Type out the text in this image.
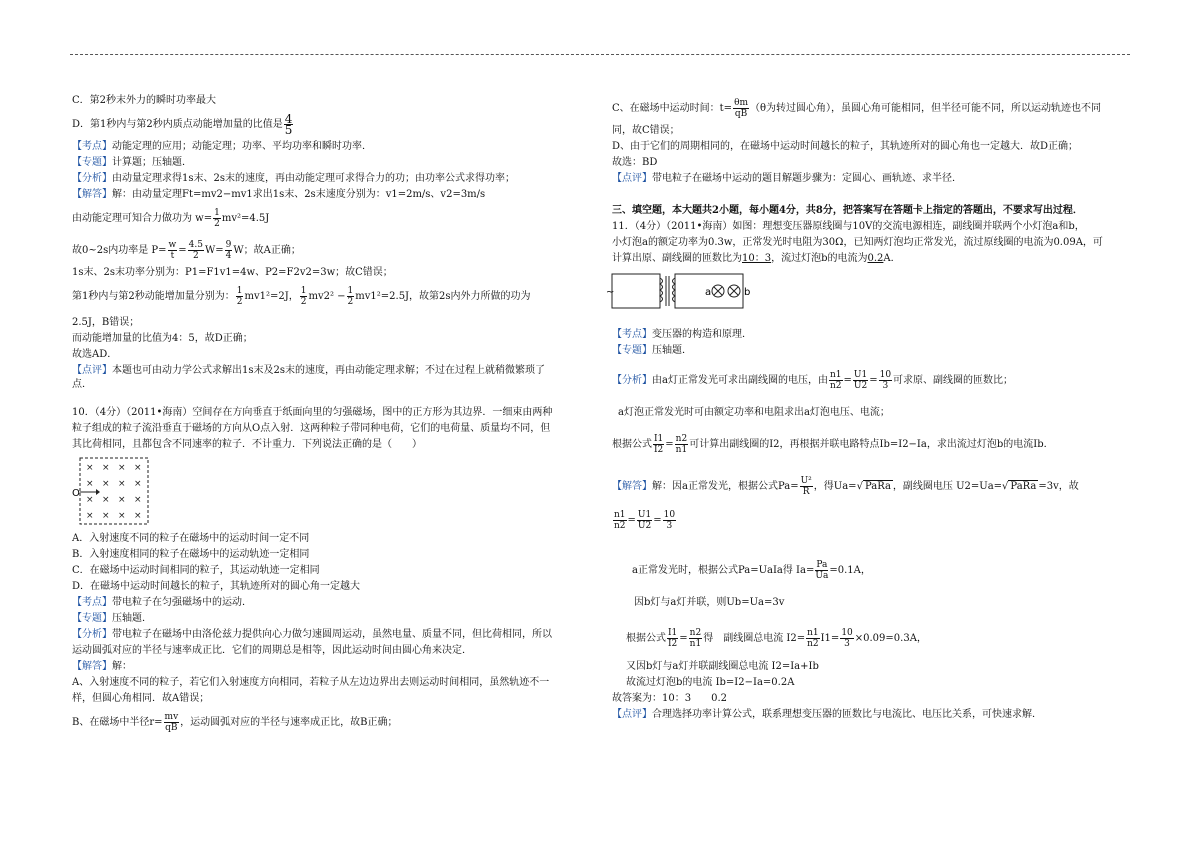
C．第2秒末外力的瞬时功率最大
D．第1秒内与第2秒内质点动能增加量的比值是 $\frac{4}{5}$
【考点】动能定理的应用；动能定理；功率、平均功率和瞬时功率．
【专题】计算题；压轴题．
【分析】由动量定理求得1s末、2s末的速度，再由动能定理可求得合力的功；由功率公式求得功率；
【解答】解：由动量定理Ft=mv2−mv1求出1s末、2s末速度分别为：v1=2m/s、v2=3m/s
由动能定理可知合力做功为 $w= \frac{1}{2} mv^2=4.5J$
故0~2s内功率是 $P= \frac{w}{t} = \frac{4.5}{2} W= \frac{9}{4}$ W；故A正确；
1s末、2s末功率分别为：P1=F1v1=4w、P2=F2v2=3w；故C错误；
第1秒内与第2秒动能增加量分别为： $\frac{1}{2} mv1^2=2J$， $\frac{1}{2} mv2^2 - \frac{1}{2} mv1^2=2.5J$，故第2s内外力所做的功为
2.5J，B错误；
而动能增加量的比值为4：5，故D正确；
故选AD．
【点评】本题也可由动力学公式求解出1s末及2s末的速度，再由动能定理求解；不过在过程上就稍微繁琐了
点．
10．（4分）（2011•海南）空间存在方向垂直于纸面向里的匀强磁场，图中的正方形为其边界．一细束由两种
粒子组成的粒子流沿垂直于磁场的方向从O点入射．这两种粒子带同种电荷，它们的电荷量、质量均不同，但
其比荷相同，且都包含不同速率的粒子．不计重力．下列说法正确的是（　　）
× × × ×
× × × ×
× × × ×
× × × ×
O
A．入射速度不同的粒子在磁场中的运动时间一定不同
B．入射速度相同的粒子在磁场中的运动轨迹一定相同
C．在磁场中运动时间相同的粒子，其运动轨迹一定相同
D．在磁场中运动时间越长的粒子，其轨迹所对的圆心角一定越大
【考点】带电粒子在匀强磁场中的运动．
【专题】压轴题．
【分析】带电粒子在磁场中由洛伦兹力提供向心力做匀速圆周运动，虽然电量、质量不同，但比荷相同，所以
运动圆弧对应的半径与速率成正比．它们的周期总是相等，因此运动时间由圆心角来决定．
【解答】解：
A、入射速度不同的粒子，若它们入射速度方向相同，若粒子从左边边界出去则运动时间相同，虽然轨迹不一
样，但圆心角相同．故A错误；
B、在磁场中半径$r= \frac{mv}{qB}$ ，运动圆弧对应的半径与速率成正比，故B正确；
C、在磁场中运动时间：$t= \frac{\theta m}{qB} (\theta$为转过圆心角），虽圆心角可能相同，但半径可能不同，所以运动轨迹也不同
同，故C错误；
D、由于它们的周期相同的，在磁场中运动时间越长的粒子，其轨迹所对的圆心角也一定越大．故D正确；
故选：BD
【点评】带电粒子在磁场中运动的题目解题步骤为：定圆心、画轨迹、求半径．
三、填空题，本大题共2小题，每小题4分，共8分，把答案写在答题卡上指定的答题出，不要求写出过程．
11．（4分）（2011•海南）如图：理想变压器原线圈与10V的交流电源相连，副线圈并联两个小灯泡a和b，
小灯泡a的额定功率为0.3w，正常发光时电阻为30Ω，已知两灯泡均正常发光，流过原线圈的电流为0.09A，可
计算出原、副线圈的匝数比为10：3，流过灯泡b的电流为0.2A．
~	a	b
【考点】变压器的构造和原理．
【专题】压轴题．
【分析】由a灯正常发光可求出副线圈的电压，由 $\frac{n1}{n2} = \frac{U1}{U2} = \frac{10}{3}$ 可求原、副线圈的匝数比；
a灯泡正常发光时可由额定功率和电阻求出a灯泡电压、电流；
根据公式 $\frac{I1}{I2} = \frac{n2}{n1}$ 可计算出副线圈的I2，再根据并联电路特点Ib=I2−Ia，求出流过灯泡b的电流Ib．
【解答】解：因a正常发光，根据公式$Pa= \frac{\text{U²}}{R}$ ，得Ua=√ PaRa ，副线圈电压 U2=Ua=√ PaRa =3v，故
$\frac{n1}{n2} = \frac{U1}{U2} = \frac{10}{3}$
a正常发光时，根据公式Pa=UaIa得 $Ia= \frac{Pa}{Ua} =0.1A$，
因b灯与a灯并联，则Ub=Ua=3v
根据公式 $\frac{I1}{I2} = \frac{n2}{n1}$ 得　副线圈总电流 $I2= \frac{n1}{n2} I1= \frac{10}{3} \times 0.09=0.3A$，
又因b灯与a灯并联副线圈总电流 I2=Ia+Ib
故流过灯泡b的电流 Ib=I2−Ia=0.2A
故答案为：10：3　　0.2
【点评】合理选择功率计算公式，联系理想变压器的匝数比与电流比、电压比关系，可快速求解．
